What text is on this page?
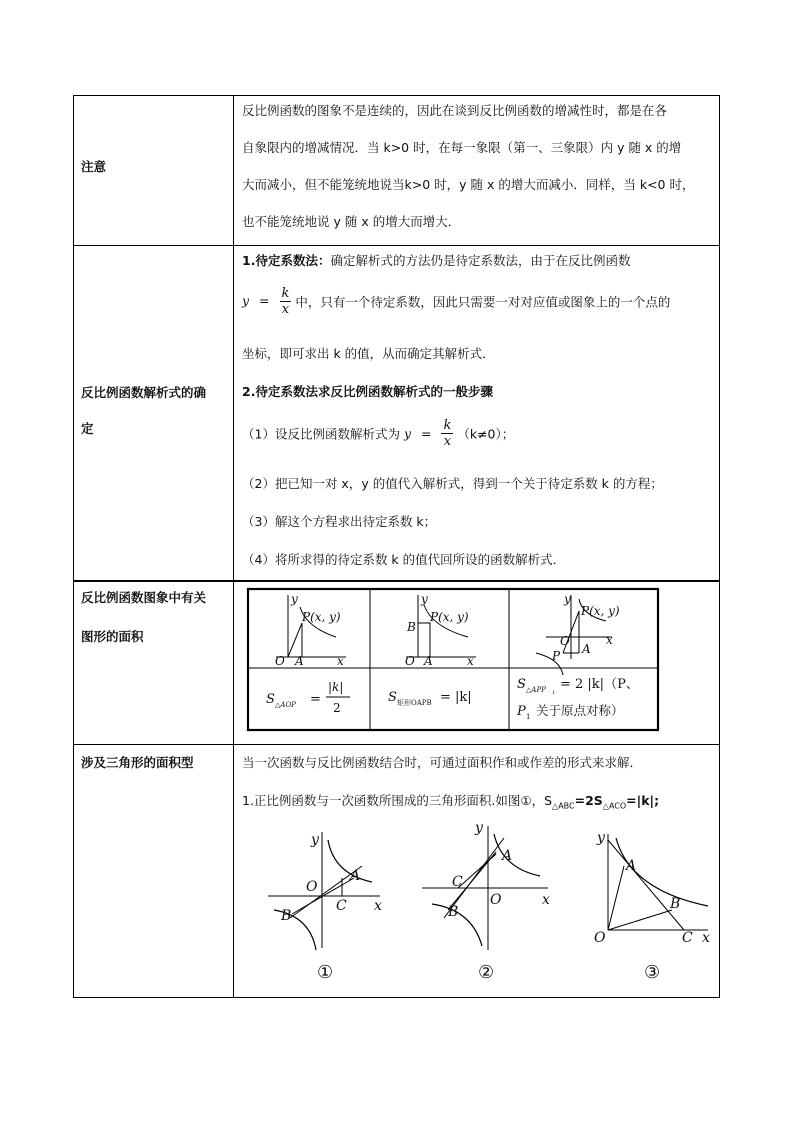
注意
反比例函数的图象不是连续的，因此在谈到反比例函数的增减性时，都是在各
自象限内的增减情况．当 k>0 时，在每一象限（第一、三象限）内 y 随 x 的增
大而减小，但不能笼统地说当k>0 时，y 随 x 的增大而减小．同样，当 k<0 时，
也不能笼统地说 y 随 x 的增大而增大．
反比例函数解析式的确
定
1.待定系数法：确定解析式的方法仍是待定系数法，由于在反比例函数
$y = \frac{k}{x}$ 中，只有一个待定系数，因此只需要一对对应值或图象上的一个点的
坐标，即可求出 k 的值，从而确定其解析式．
2.待定系数法求反比例函数解析式的一般步骤
（1）设反比例函数解析式为 $y = \frac{k}{x} (k\ne 0)$；
（2）把已知一对 x，y 的值代入解析式，得到一个关于待定系数 k 的方程；
（3）解这个方程求出待定系数 k；
（4）将所求得的待定系数 k 的值代回所设的函数解析式．
反比例函数图象中有关
图形的面积
y
x
O A
P(x, y)
y
x
O A
B
P(x, y)
y
x
O
A
P(x, y)
P
S △AOP =
|k|
2
S 矩形OAPB = |k|
S △APP 1
= 2 |k|（P、
P 1 关于原点对称）
涉及三角形的面积型	当一次函数与反比例函数结合时，可通过面积作和或作差的形式来求解．
1.正比例函数与一次函数所围成的三角形面积.如图①，$S_{\triangle ABC}=2S_{\triangle ACO}=|k|$;
y
x
O
A
B
C
①
y
x
O
A
B
C
②
y
x
O
A
B
C
③
